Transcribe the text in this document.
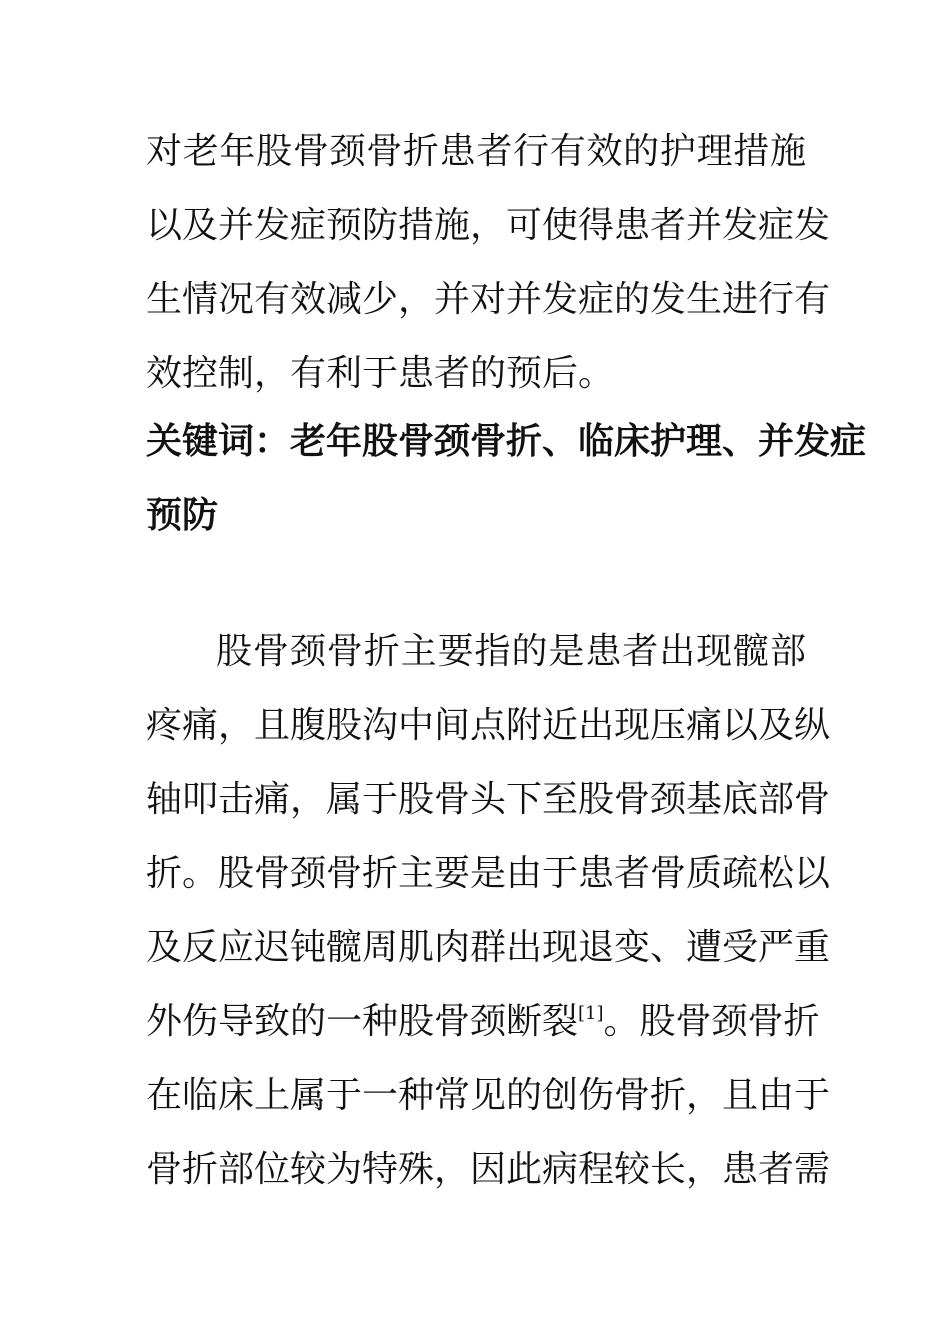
对老年股骨颈骨折患者行有效的护理措施
以及并发症预防措施，可使得患者并发症发
生情况有效减少，并对并发症的发生进行有
效控制，有利于患者的预后。
关键词：老年股骨颈骨折、临床护理、并发症
预防
股骨颈骨折主要指的是患者出现髋部
疼痛，且腹股沟中间点附近出现压痛以及纵
轴叩击痛，属于股骨头下至股骨颈基底部骨
折。股骨颈骨折主要是由于患者骨质疏松以
及反应迟钝髋周肌肉群出现退变、遭受严重
外伤导致的一种股骨颈断裂[1]。股骨颈骨折
在临床上属于一种常见的创伤骨折，且由于
骨折部位较为特殊，因此病程较长，患者需
